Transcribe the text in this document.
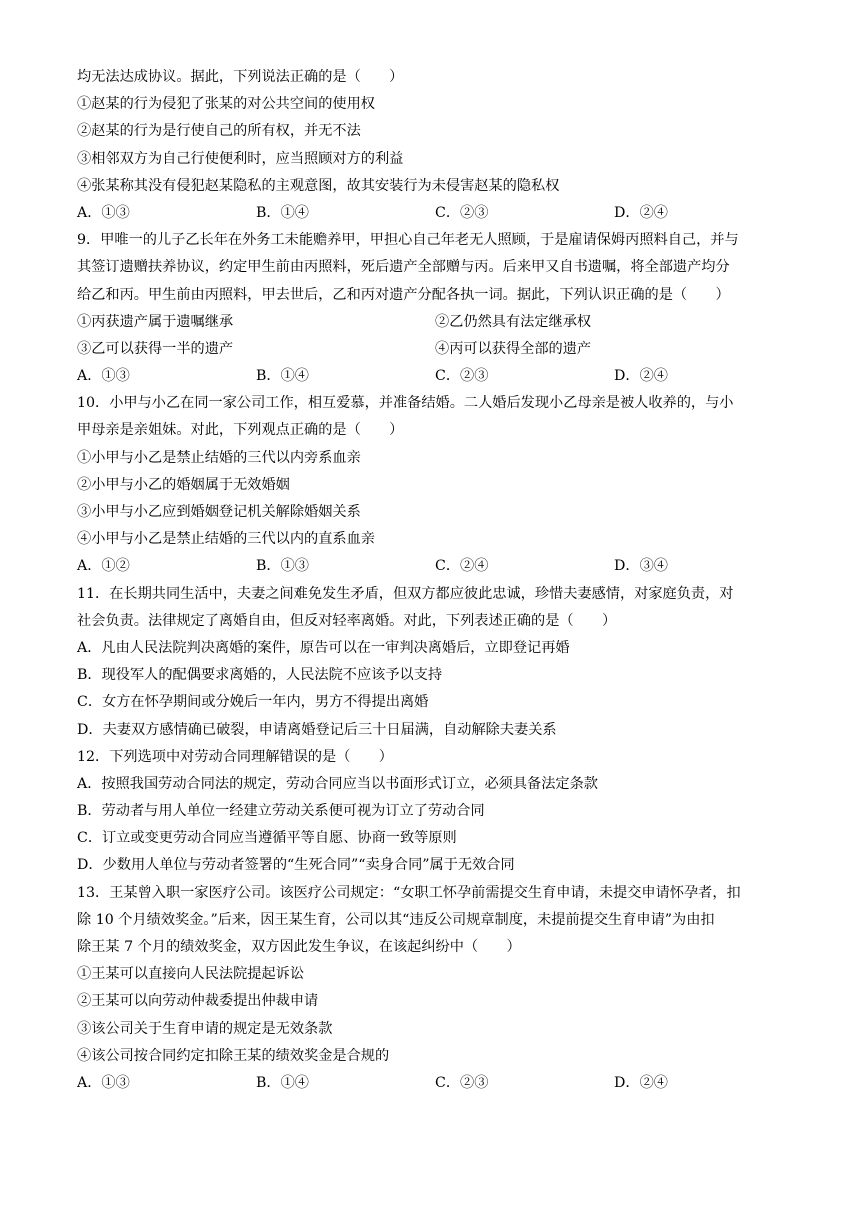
均无法达成协议。据此，下列说法正确的是（　　）
①赵某的行为侵犯了张某的对公共空间的使用权
②赵某的行为是行使自己的所有权，并无不法
③相邻双方为自己行使便利时，应当照顾对方的利益
④张某称其没有侵犯赵某隐私的主观意图，故其安装行为未侵害赵某的隐私权
A．①③	B．①④	C．②③	D．②④
9．甲唯一的儿子乙长年在外务工未能赡养甲，甲担心自己年老无人照顾，于是雇请保姆丙照料自己，并与
其签订遗赠扶养协议，约定甲生前由丙照料，死后遗产全部赠与丙。后来甲又自书遗嘱，将全部遗产均分
给乙和丙。甲生前由丙照料，甲去世后，乙和丙对遗产分配各执一词。据此，下列认识正确的是（　　）
①丙获遗产属于遗嘱继承	②乙仍然具有法定继承权
③乙可以获得一半的遗产	④丙可以获得全部的遗产
A．①③	B．①④	C．②③	D．②④
10．小甲与小乙在同一家公司工作，相互爱慕，并准备结婚。二人婚后发现小乙母亲是被人收养的，与小
甲母亲是亲姐妹。对此，下列观点正确的是（　　）
①小甲与小乙是禁止结婚的三代以内旁系血亲
②小甲与小乙的婚姻属于无效婚姻
③小甲与小乙应到婚姻登记机关解除婚姻关系
④小甲与小乙是禁止结婚的三代以内的直系血亲
A．①②	B．①③	C．②④	D．③④
11．在长期共同生活中，夫妻之间难免发生矛盾，但双方都应彼此忠诚，珍惜夫妻感情，对家庭负责，对
社会负责。法律规定了离婚自由，但反对轻率离婚。对此，下列表述正确的是（　　）
A．凡由人民法院判决离婚的案件，原告可以在一审判决离婚后，立即登记再婚
B．现役军人的配偶要求离婚的，人民法院不应该予以支持
C．女方在怀孕期间或分娩后一年内，男方不得提出离婚
D．夫妻双方感情确已破裂，申请离婚登记后三十日届满，自动解除夫妻关系
12．下列选项中对劳动合同理解错误的是（　　）
A．按照我国劳动合同法的规定，劳动合同应当以书面形式订立，必须具备法定条款
B．劳动者与用人单位一经建立劳动关系便可视为订立了劳动合同
C．订立或变更劳动合同应当遵循平等自愿、协商一致等原则
D．少数用人单位与劳动者签署的“生死合同”“卖身合同”属于无效合同
13．王某曾入职一家医疗公司。该医疗公司规定：“女职工怀孕前需提交生育申请，未提交申请怀孕者，扣
除 10 个月绩效奖金。”后来，因王某生育，公司以其“违反公司规章制度，未提前提交生育申请”为由扣
除王某 7 个月的绩效奖金，双方因此发生争议，在该起纠纷中（　　）
①王某可以直接向人民法院提起诉讼
②王某可以向劳动仲裁委提出仲裁申请
③该公司关于生育申请的规定是无效条款
④该公司按合同约定扣除王某的绩效奖金是合规的
A．①③	B．①④	C．②③	D．②④
